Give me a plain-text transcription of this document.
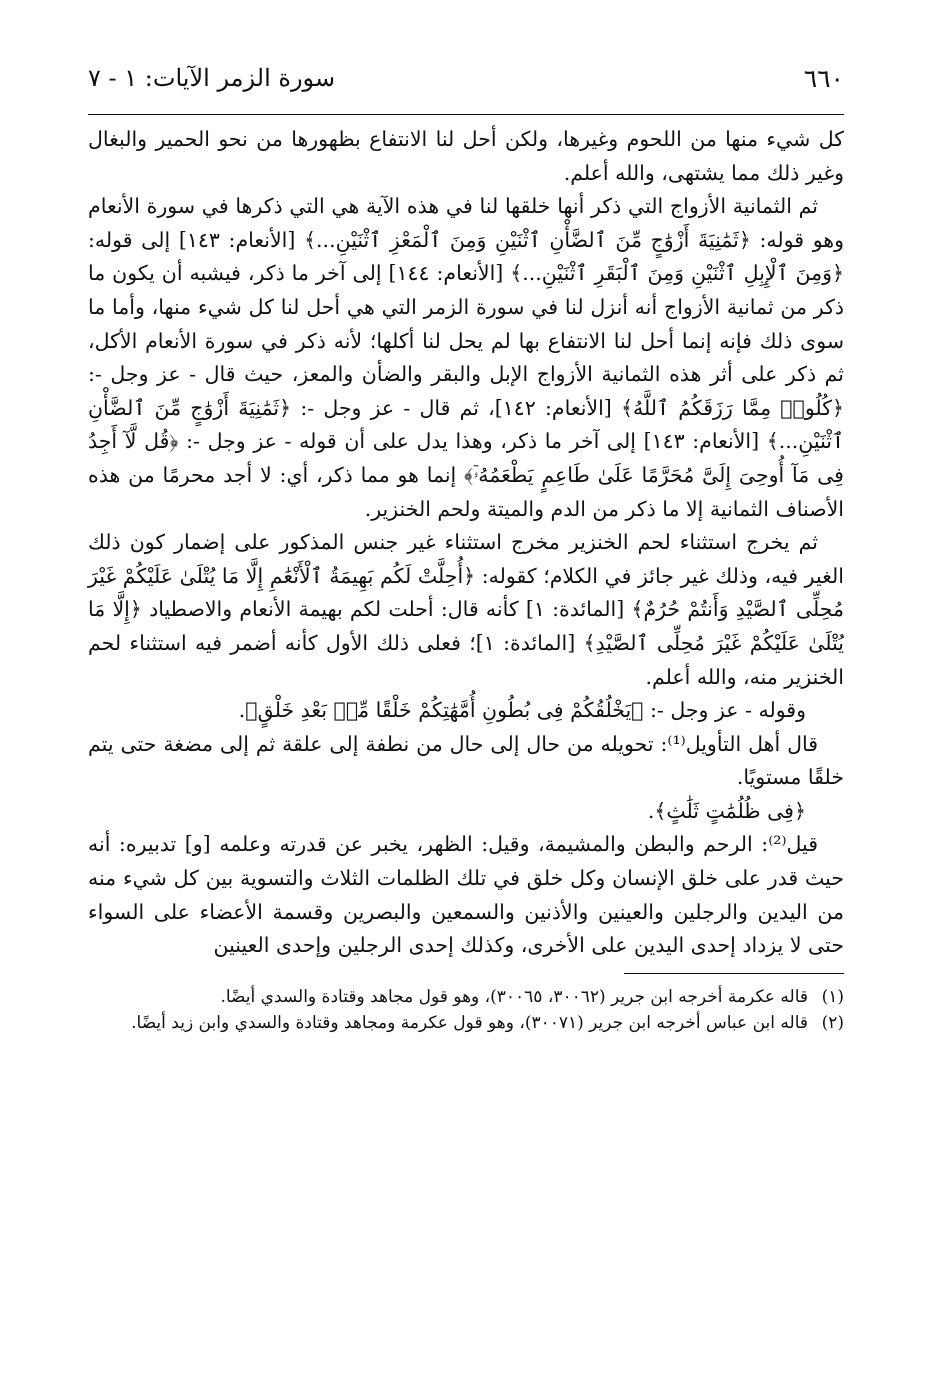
٦٦٠
سورة الزمر الآيات: ١ - ٧

كل شيء منها من اللحوم وغيرها، ولكن أحل لنا الانتفاع بظهورها من نحو الحمير والبغال وغير ذلك مما يشتهى، والله أعلم.

ثم الثمانية الأزواج التي ذكر أنها خلقها لنا في هذه الآية هي التي ذكرها في سورة الأنعام وهو قوله: ﴿ثَمَٰنِيَةَ أَزْوَٰجٍ مِّنَ ٱلضَّأْنِ ٱثْنَيْنِ وَمِنَ ٱلْمَعْزِ ٱثْنَيْنِ...﴾ [الأنعام: ١٤٣] إلى قوله: ﴿وَمِنَ ٱلْإِبِلِ ٱثْنَيْنِ وَمِنَ ٱلْبَقَرِ ٱثْنَيْنِ...﴾ [الأنعام: ١٤٤] إلى آخر ما ذكر، فيشبه أن يكون ما ذكر من ثمانية الأزواج أنه أنزل لنا في سورة الزمر التي هي أحل لنا كل شيء منها، وأما ما سوى ذلك فإنه إنما أحل لنا الانتفاع بها لم يحل لنا أكلها؛ لأنه ذكر في سورة الأنعام الأكل، ثم ذكر على أثر هذه الثمانية الأزواج الإبل والبقر والضأن والمعز، حيث قال - عز وجل -: ﴿كُلُوا۟ مِمَّا رَزَقَكُمُ ٱللَّهُ﴾ [الأنعام: ١٤٢]، ثم قال - عز وجل -: ﴿ثَمَٰنِيَةَ أَزْوَٰجٍ مِّنَ ٱلضَّأْنِ ٱثْنَيْنِ...﴾ [الأنعام: ١٤٣] إلى آخر ما ذكر، وهذا يدل على أن قوله - عز وجل -: ﴿قُل لَّآ أَجِدُ فِى مَآ أُوحِىَ إِلَىَّ مُحَرَّمًا عَلَىٰ طَاعِمٍ يَطْعَمُهُۥٓ﴾ إنما هو مما ذكر، أي: لا أجد محرمًا من هذه الأصناف الثمانية إلا ما ذكر من الدم والميتة ولحم الخنزير.

ثم يخرج استثناء لحم الخنزير مخرج استثناء غير جنس المذكور على إضمار كون ذلك الغير فيه، وذلك غير جائز في الكلام؛ كقوله: ﴿أُحِلَّتْ لَكُم بَهِيمَةُ ٱلْأَنْعَٰمِ إِلَّا مَا يُتْلَىٰ عَلَيْكُمْ غَيْرَ مُحِلِّى ٱلصَّيْدِ وَأَنتُمْ حُرُمٌ﴾ [المائدة: ١] كأنه قال: أحلت لكم بهيمة الأنعام والاصطياد ﴿إِلَّا مَا يُتْلَىٰ عَلَيْكُمْ غَيْرَ مُحِلِّى ٱلصَّيْدِ﴾ [المائدة: ١]؛ فعلى ذلك الأول كأنه أضمر فيه استثناء لحم الخنزير منه، والله أعلم.

وقوله - عز وجل -: ﴿يَخْلُقُكُمْ فِى بُطُونِ أُمَّهَٰتِكُمْ خَلْقًا مِّنۢ بَعْدِ خَلْقٍ﴾.

قال أهل التأويل⁽¹⁾: تحويله من حال إلى حال من نطفة إلى علقة ثم إلى مضغة حتى يتم خلقًا مستويًا.

﴿فِى ظُلُمَٰتٍ ثَلَٰثٍ﴾.

قيل⁽²⁾: الرحم والبطن والمشيمة، وقيل: الظهر، يخبر عن قدرته وعلمه [و] تدبيره: أنه حيث قدر على خلق الإنسان وكل خلق في تلك الظلمات الثلاث والتسوية بين كل شيء منه من اليدين والرجلين والعينين والأذنين والسمعين والبصرين وقسمة الأعضاء على السواء حتى لا يزداد إحدى اليدين على الأخرى، وكذلك إحدى الرجلين وإحدى العينين

(١)
قاله عكرمة أخرجه ابن جرير (٣٠٠٦٢، ٣٠٠٦٥)، وهو قول مجاهد وقتادة والسدي أيضًا.
(٢)
قاله ابن عباس أخرجه ابن جرير (٣٠٠٧١)، وهو قول عكرمة ومجاهد وقتادة والسدي وابن زيد أيضًا.
